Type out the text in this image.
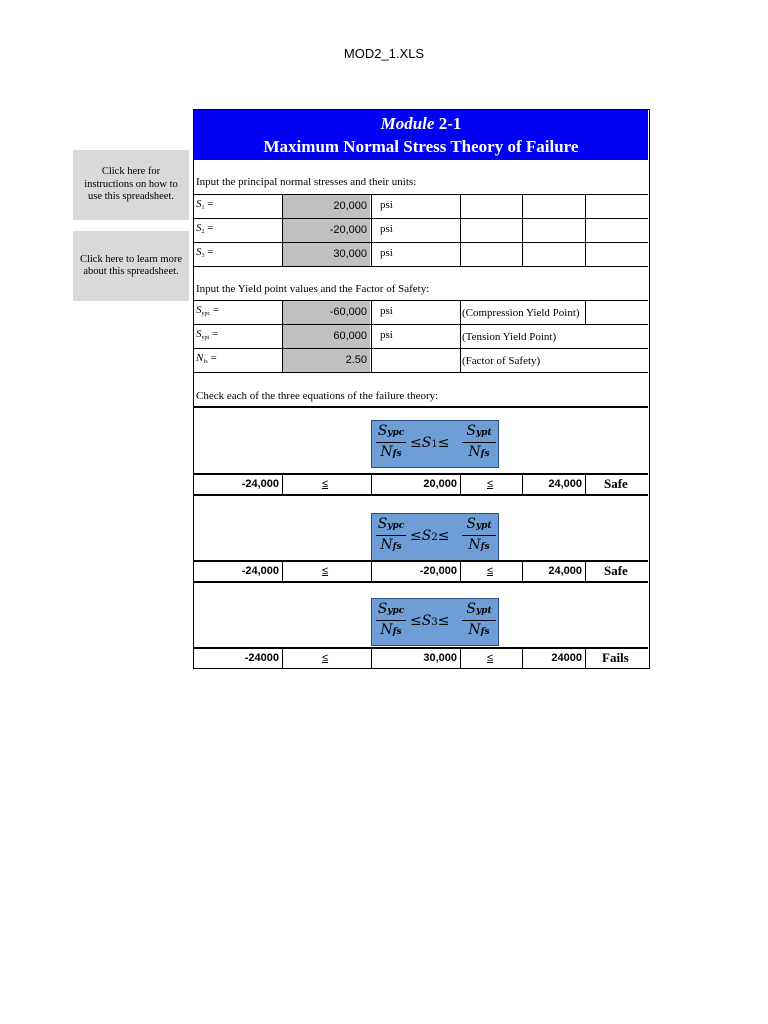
MOD2_1.XLS
Click here for
instructions on how to
use this spreadsheet.
Click here to learn more
about this spreadsheet.
Module 2-1
Maximum Normal Stress Theory of Failure
Input the principal normal stresses and their units:
Input the Yield point values and the Factor of Safety:
Check each of the three equations of the failure theory:
$S_1$ =	20,000 psi
$S_2$ =	-20,000 psi
$S_3$ =	30,000 psi
$S_{ypc}$ =	-60,000 psi	(Compression Yield Point)
$S_{ypt}$ =	60,000 psi	(Tension Yield Point)
$N_{fs}$ =	2.50	(Factor of Safety)
Sypc
Nfs
≤S1≤
Sypt
Nfs
-24,000	≤	20,000	≤	24,000 Safe
Sypc
Nfs
≤S2≤
Sypt
Nfs
-24,000	≤	-20,000	≤	24,000 Safe
Sypc
Nfs
≤S3≤
Sypt
Nfs
-24000	≤	30,000	≤	24000 Fails
